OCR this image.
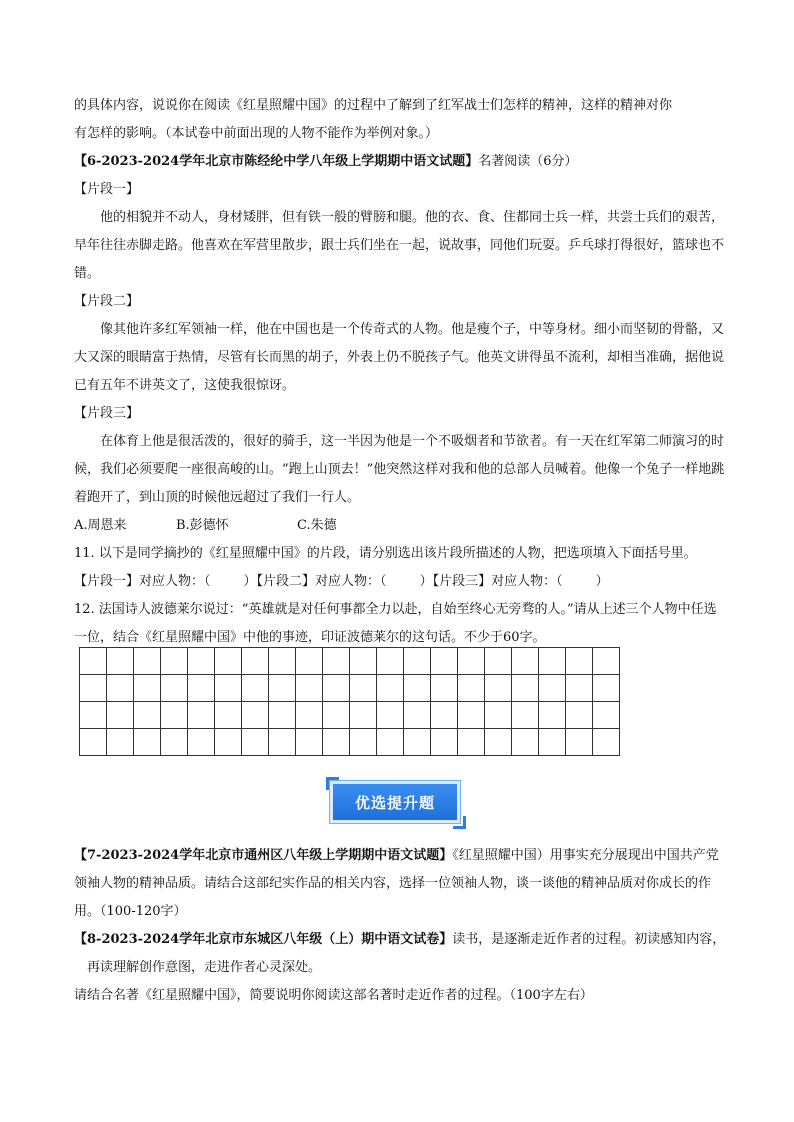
的具体内容，说说你在阅读《红星照耀中国》的过程中了解到了红军战士们怎样的精神，这样的精神对你

有怎样的影响。（本试卷中前面出现的人物不能作为举例对象。）

【6-2023-2024学年北京市陈经纶中学八年级上学期期中语文试题】名著阅读（6分）

【片段一】

他的相貌并不动人，身材矮胖，但有铁一般的臂膀和腿。他的衣、食、住都同士兵一样，共尝士兵们的艰苦，早年往往赤脚走路。他喜欢在军营里散步，跟士兵们坐在一起，说故事，同他们玩耍。乒乓球打得很好，篮球也不错。

【片段二】

像其他许多红军领袖一样，他在中国也是一个传奇式的人物。他是瘦个子，中等身材。细小而坚韧的骨骼，又大又深的眼睛富于热情，尽管有长而黑的胡子，外表上仍不脱孩子气。他英文讲得虽不流利，却相当准确，据他说已有五年不讲英文了，这使我很惊讶。

【片段三】

在体育上他是很活泼的，很好的骑手，这一半因为他是一个不吸烟者和节欲者。有一天在红军第二师演习的时候，我们必须要爬一座很高峻的山。“跑上山顶去！”他突然这样对我和他的总部人员喊着。他像一个兔子一样地跳着跑开了，到山顶的时候他远超过了我们一行人。

A.周恩来	B.彭德怀	C.朱德

11. 以下是同学摘抄的《红星照耀中国》的片段，请分别选出该片段所描述的人物，把选项填入下面括号里。

【片段一】对应人物：（        ）【片段二】对应人物：（        ）【片段三】对应人物：（        ）

12. 法国诗人波德莱尔说过：“英雄就是对任何事都全力以赴，自始至终心无旁骛的人。”请从上述三个人物中任选一位，结合《红星照耀中国》中他的事迹，印证波德莱尔的这句话。不少于60字。

优选提升题

【7-2023-2024学年北京市通州区八年级上学期期中语文试题】《红星照耀中国）用事实充分展现出中国共产党领袖人物的精神品质。请结合这部纪实作品的相关内容，选择一位领袖人物，谈一谈他的精神品质对你成长的作用。（100-120字）

【8-2023-2024学年北京市东城区八年级（上）期中语文试卷】读书，是逐渐走近作者的过程。初读感知内容，再读理解创作意图，走进作者心灵深处。

请结合名著《红星照耀中国》，简要说明你阅读这部名著时走近作者的过程。（100字左右）
